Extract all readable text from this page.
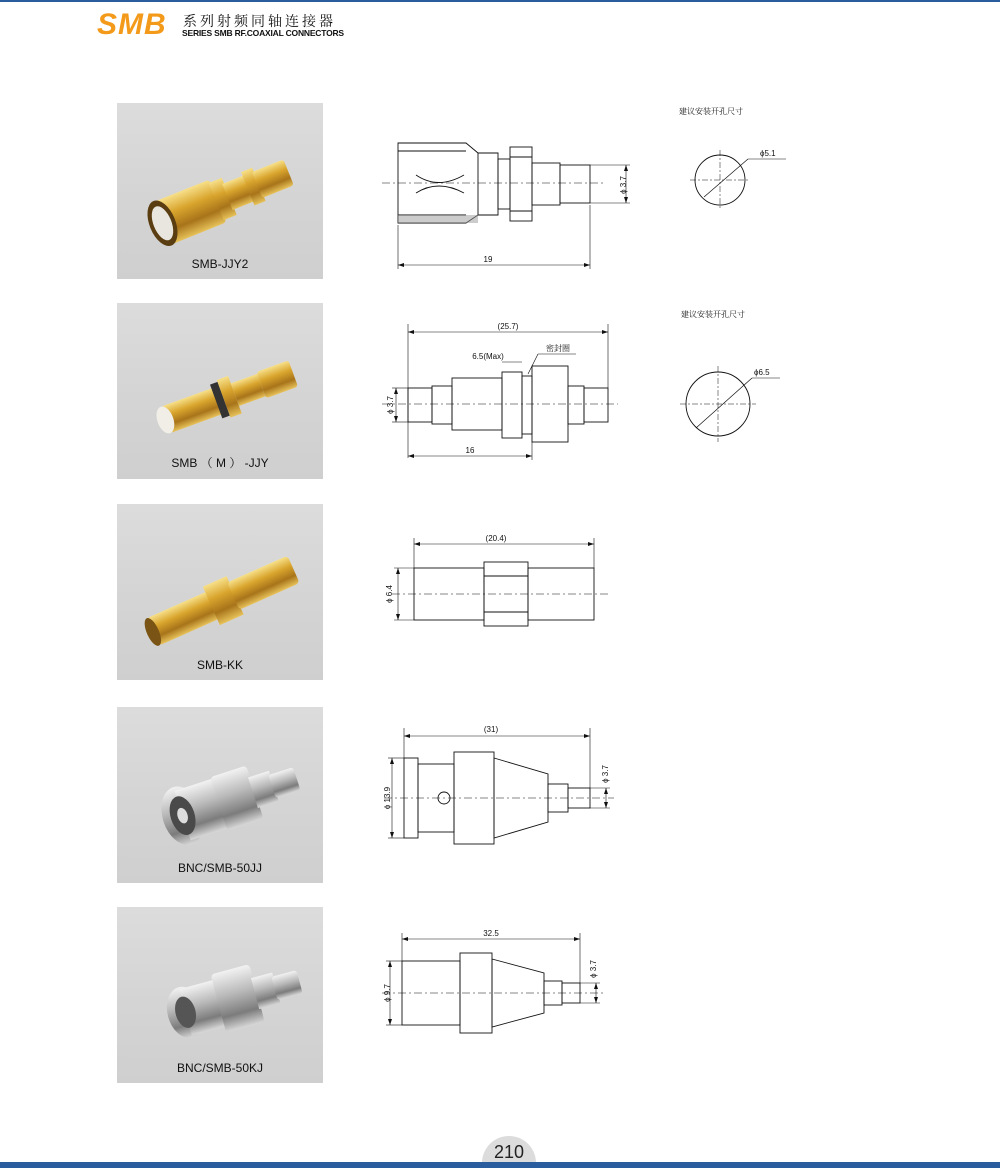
SMB 系列射频同轴连接器
SERIES SMB RF.COAXIAL CONNECTORS
SMB-JJY2	19
ϕ 3.7
建议安装开孔尺寸
ϕ5.1
SMB （ M ） -JJY
(25.7)
6.5(Max)
密封圈
16
ϕ 3.7
建议安装开孔尺寸
ϕ6.5
SMB-KK
(20.4)
ϕ 6.4
BNC/SMB-50JJ
(31)
ϕ 13.9
ϕ 3.7
BNC/SMB-50KJ
32.5
ϕ 9.7
ϕ 3.7
210
